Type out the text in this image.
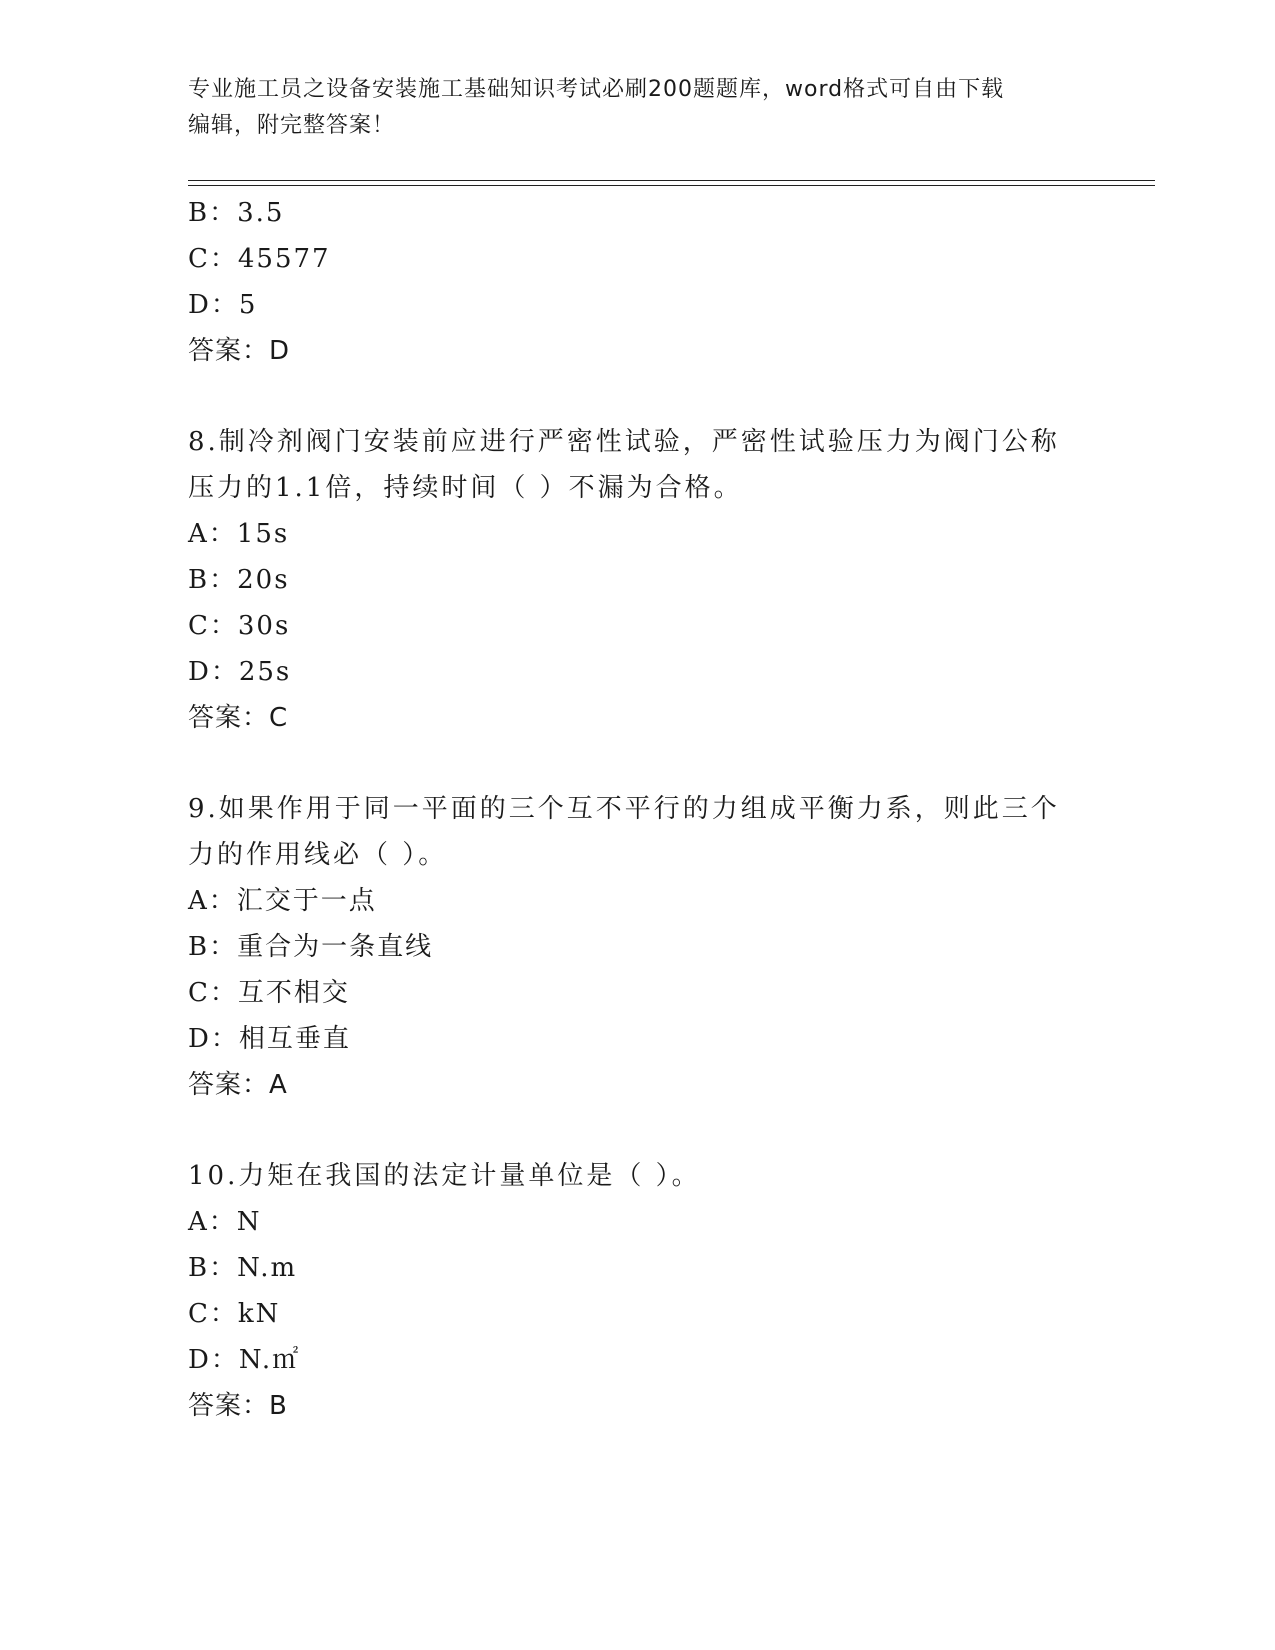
专业施工员之设备安装施工基础知识考试必刷200题题库，word格式可自由下载
编辑，附完整答案！
B：3.5
C：45577
D：5
答案：D
8.制冷剂阀门安装前应进行严密性试验，严密性试验压力为阀门公称
压力的1.1倍，持续时间（ ）不漏为合格。
A：15s
B：20s
C：30s
D：25s
答案：C
9.如果作用于同一平面的三个互不平行的力组成平衡力系，则此三个
力的作用线必（ ）。
A：汇交于一点
B：重合为一条直线
C：互不相交
D：相互垂直
答案：A
10.力矩在我国的法定计量单位是（ ）。
A：N
B：N.m
C：kN
D：N.㎡
答案：B
